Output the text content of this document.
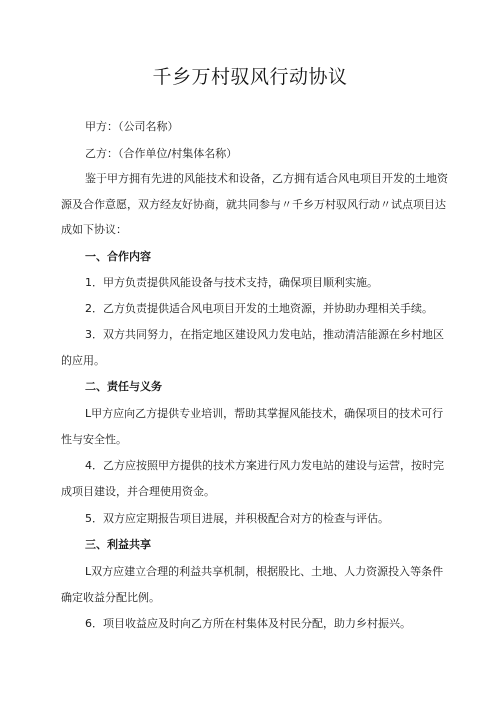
千乡万村驭风行动协议
甲方：（公司名称）
乙方：（合作单位/村集体名称）
鉴于甲方拥有先进的风能技术和设备，乙方拥有适合风电项目开发的土地资
源及合作意愿，双方经友好协商，就共同参与〃千乡万村驭风行动〃试点项目达
成如下协议：
一、合作内容
1．甲方负责提供风能设备与技术支持，确保项目顺利实施。
2．乙方负责提供适合风电项目开发的土地资源，并协助办理相关手续。
3．双方共同努力，在指定地区建设风力发电站，推动清洁能源在乡村地区
的应用。
二、责任与义务
L甲方应向乙方提供专业培训，帮助其掌握风能技术，确保项目的技术可行
性与安全性。
4．乙方应按照甲方提供的技术方案进行风力发电站的建设与运营，按时完
成项目建设，并合理使用资金。
5．双方应定期报告项目进展，并积极配合对方的检查与评估。
三、利益共享
L双方应建立合理的利益共享机制，根据股比、土地、人力资源投入等条件
确定收益分配比例。
6．项目收益应及时向乙方所在村集体及村民分配，助力乡村振兴。
